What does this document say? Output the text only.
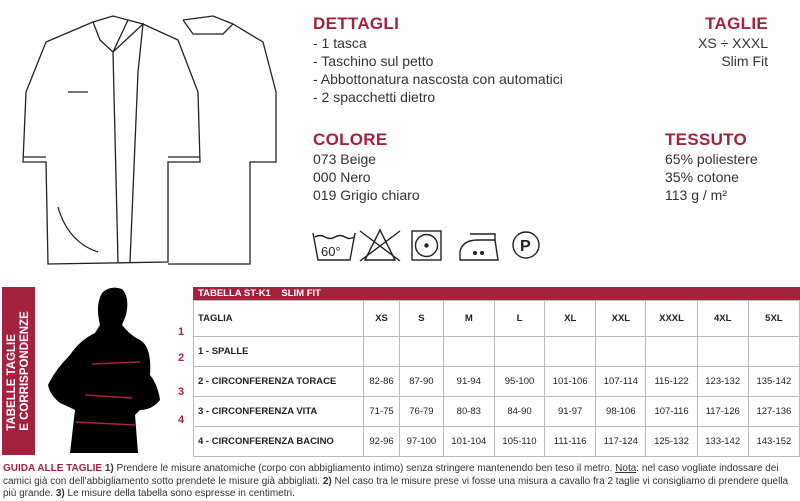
DETTAGLI
- 1 tasca
- Taschino sul petto
- Abbottonatura nascosta con automatici
- 2 spacchetti dietro
TAGLIE
XS ÷ XXXL
Slim Fit
COLORE
073 Beige
000 Nero
019 Grigio chiaro
TESSUTO
65% poliestere
35% cotone
113 g / m²
60°	P
TABELLE TAGLIE
E CORRISPONDENZE	1
2
3
4
TABELLA ST-K1 SLIM FIT
TAGLIA	XS	S	M	L	XL	XXL	XXXL	4XL	5XL
1 - SPALLE									
2 - CIRCONFERENZA TORACE	82-86	87-90	91-94	95-100	101-106	107-114	115-122	123-132	135-142
3 - CIRCONFERENZA VITA	71-75	76-79	80-83	84-90	91-97	98-106	107-116	117-126	127-136
4 - CIRCONFERENZA BACINO	92-96	97-100	101-104	105-110	111-116	117-124	125-132	133-142	143-152
GUIDA ALLE TAGLIE 1) Prendere le misure anatomiche (corpo con abbigliamento intimo) senza stringere mantenendo ben teso il metro. Nota: nel caso vogliate indossare dei camici già con dell'abbigliamento sotto prendete le misure già abbigliati. 2) Nel caso tra le misure prese vi fosse una misura a cavallo fra 2 taglie vi consigliamo di prendere quella più grande. 3) Le misure della tabella sono espresse in centimetri.
